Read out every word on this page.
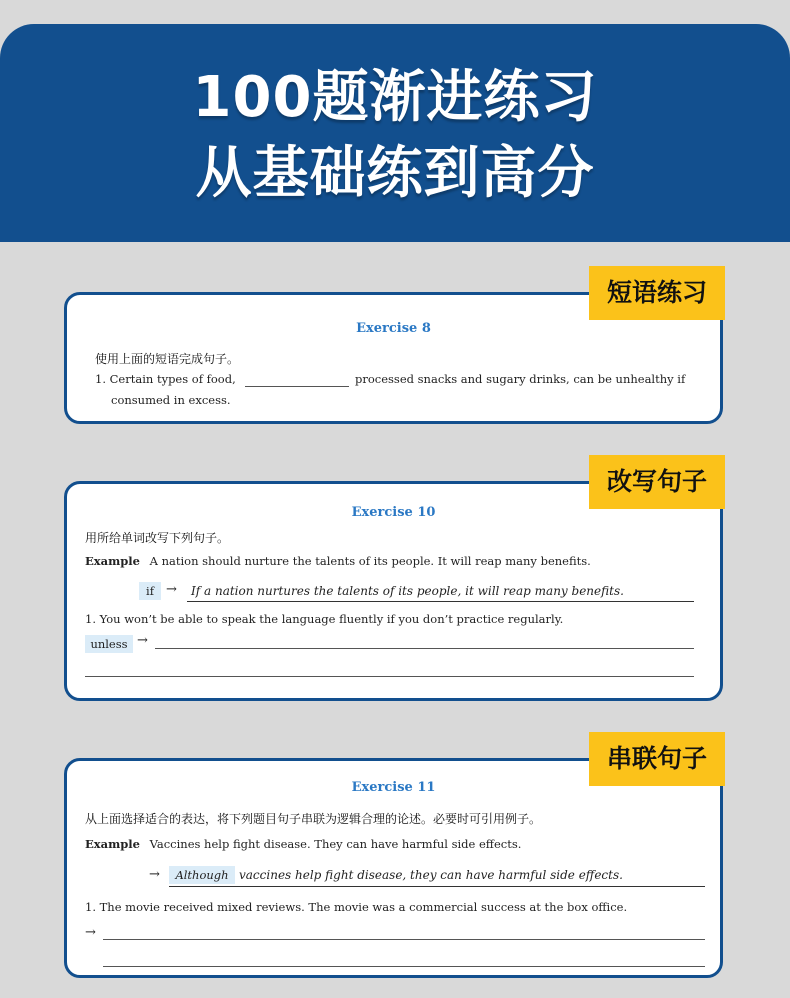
100题渐进练习
从基础练到高分
Exercise 8
使用上面的短语完成句子。
1. Certain types of food,	processed snacks and sugary drinks, can be unhealthy if
consumed in excess.
短语练习
Exercise 10
用所给单词改写下列句子。
Example A nation should nurture the talents of its people. It will reap many benefits.
if → If a nation nurtures the talents of its people, it will reap many benefits.
1. You won’t be able to speak the language fluently if you don’t practice regularly.
unless →
改写句子
Exercise 11
从上面选择适合的表达，将下列题目句子串联为逻辑合理的论述。必要时可引用例子。
Example Vaccines help fight disease. They can have harmful side effects.
→	Although vaccines help fight disease, they can have harmful side effects.
1. The movie received mixed reviews. The movie was a commercial success at the box office.
→
串联句子
